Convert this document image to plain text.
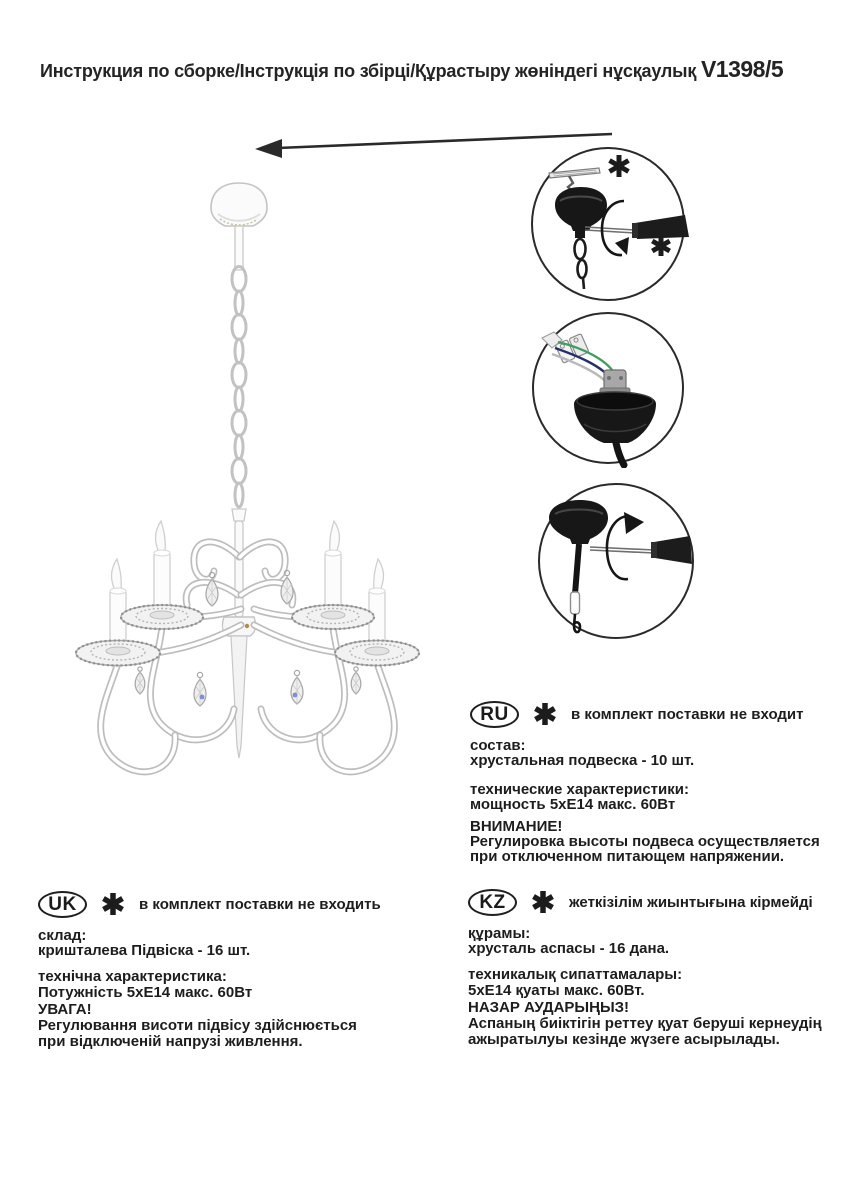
Инструкция по сборке/Інструкція по збірці/Құрастыру жөніндегі нұсқаулық V1398/5
RU	в комплект поставки не входит
состав:
хрустальная подвеска - 10 шт.
технические характеристики:
мощность 5хЕ14 макс. 60Вт
ВНИМАНИЕ!
Регулировка высоты подвеса осуществляется
при отключенном питающем напряжении.
UK	в комплект поставки не входить
склад:
кришталева Підвіска - 16 шт.
технічна характеристика:
Потужність 5хЕ14 макс. 60Вт
УВАГА!
Регулювання висоти підвісу здійснюється
при відключеній напрузі живлення.
KZ	жеткізілім жиынтығына кірмейді
құрамы:
хрусталь аспасы - 16 дана.
техникалық сипаттамалары:
5хЕ14 қуаты макс. 60Вт.
НАЗАР АУДАРЫҢЫЗ!
Аспаның биіктігін реттеу қуат беруші кернеудің
ажыратылуы кезінде жүзеге асырылады.
